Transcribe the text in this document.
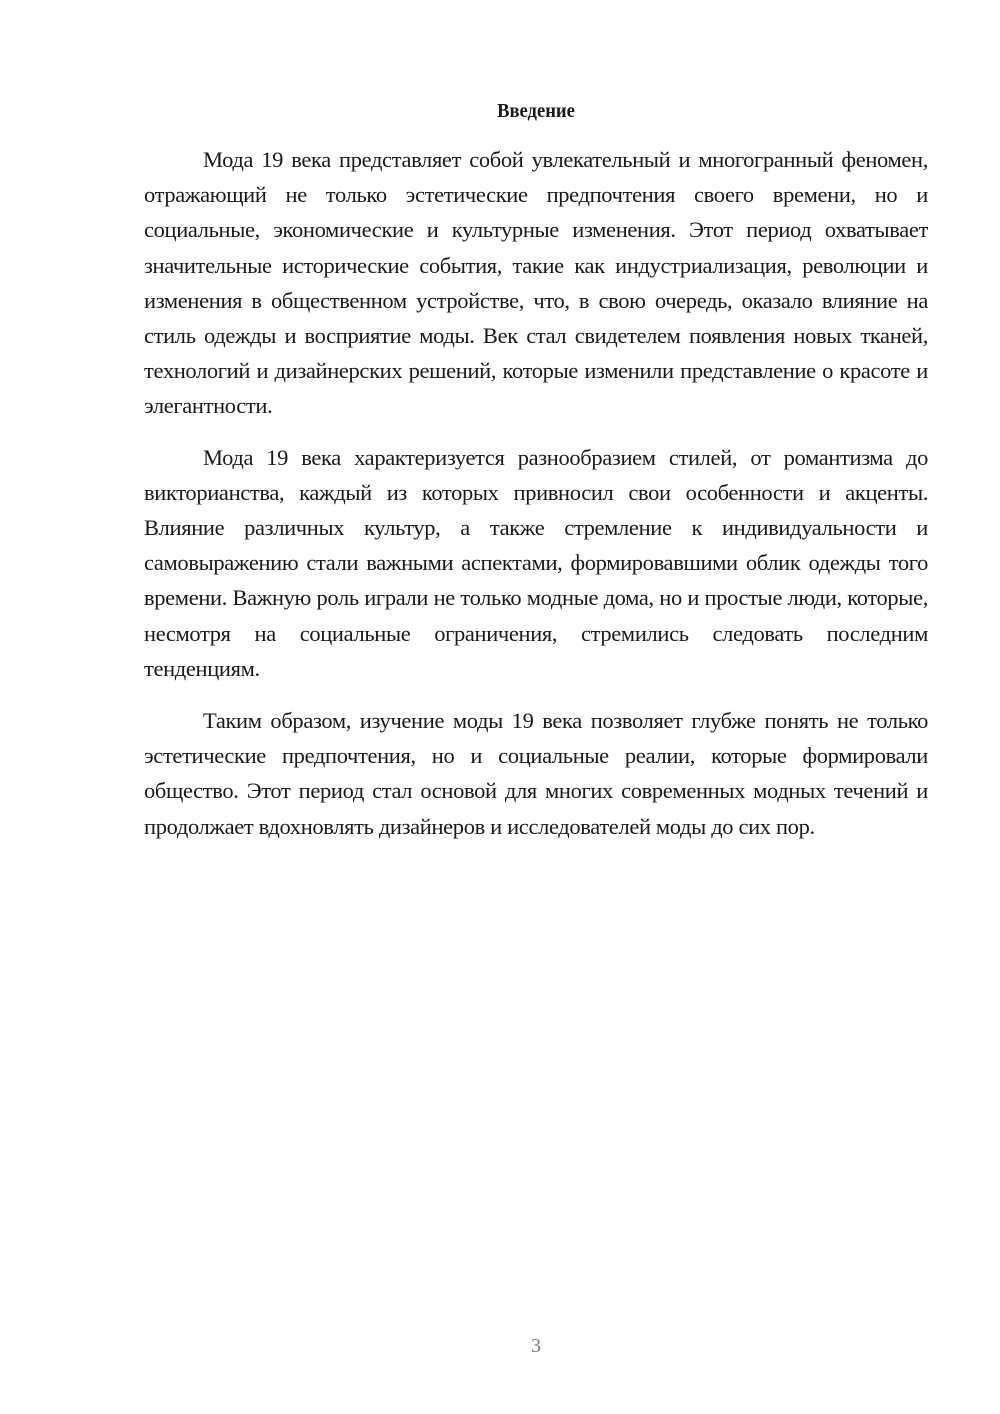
Введение

Мода 19 века представляет собой увлекательный и многогранный феномен, отражающий не только эстетические предпочтения своего времени, но и социальные, экономические и культурные изменения. Этот период охватывает значительные исторические события, такие как индустриализация, революции и изменения в общественном устройстве, что, в свою очередь, оказало влияние на стиль одежды и восприятие моды. Век стал свидетелем появления новых тканей, технологий и дизайнерских решений, которые изменили представление о красоте и элегантности.

Мода 19 века характеризуется разнообразием стилей, от романтизма до викторианства, каждый из которых привносил свои особенности и акценты. Влияние различных культур, а также стремление к индивидуальности и самовыражению стали важными аспектами, формировавшими облик одежды того времени. Важную роль играли не только модные дома, но и простые люди, которые, несмотря на социальные ограничения, стремились следовать последним тенденциям.

Таким образом, изучение моды 19 века позволяет глубже понять не только эстетические предпочтения, но и социальные реалии, которые формировали общество. Этот период стал основой для многих современных модных течений и продолжает вдохновлять дизайнеров и исследователей моды до сих пор.

3
